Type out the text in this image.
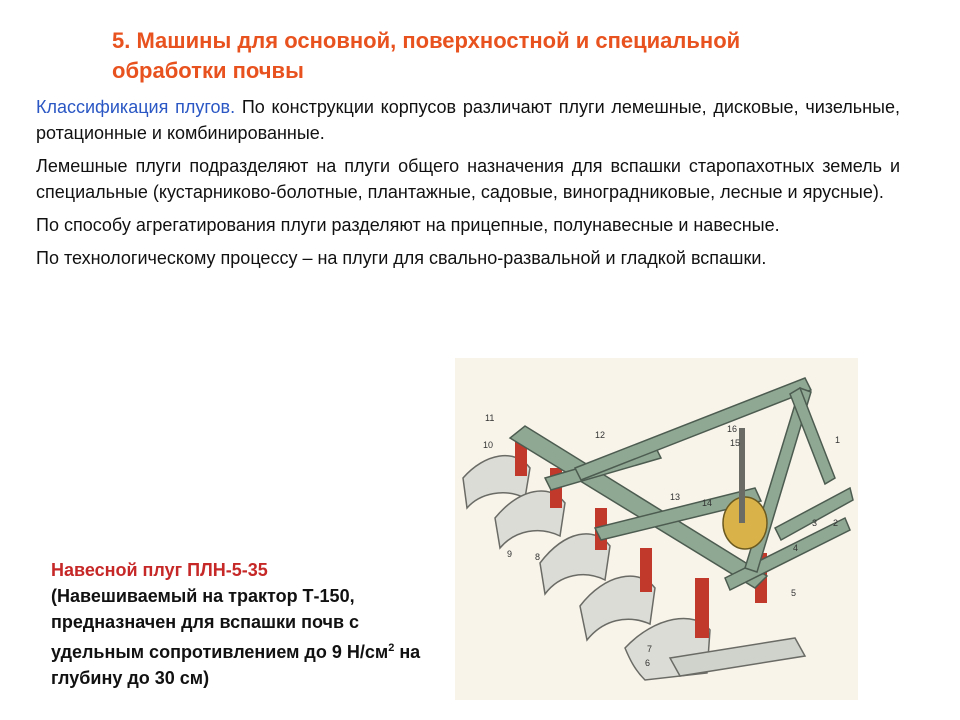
5. Машины для основной, поверхностной и специальной
обработки почвы

Классификация плугов. По конструкции корпусов различают плуги лемешные, дисковые, чизельные, ротационные и комбинированные.

Лемешные плуги подразделяют на плуги общего назначения для вспашки старопахотных земель и специальные (кустарниково-болотные, плантажные, садовые, виноградниковые, лесные и ярусные).

По способу агрегатирования плуги разделяют на прицепные, полунавесные и навесные.

По технологическому процессу – на плуги для свально-развальной и гладкой вспашки.

1
2
3
4
5
6
7
8
9
10
11
12
13
14
15
16
Навесной плуг ПЛН-5-35
(Навешиваемый на трактор Т-150, предназначен для вспашки почв с удельным сопротивлением до 9 $Н/см^2$ на глубину до 30 см)
